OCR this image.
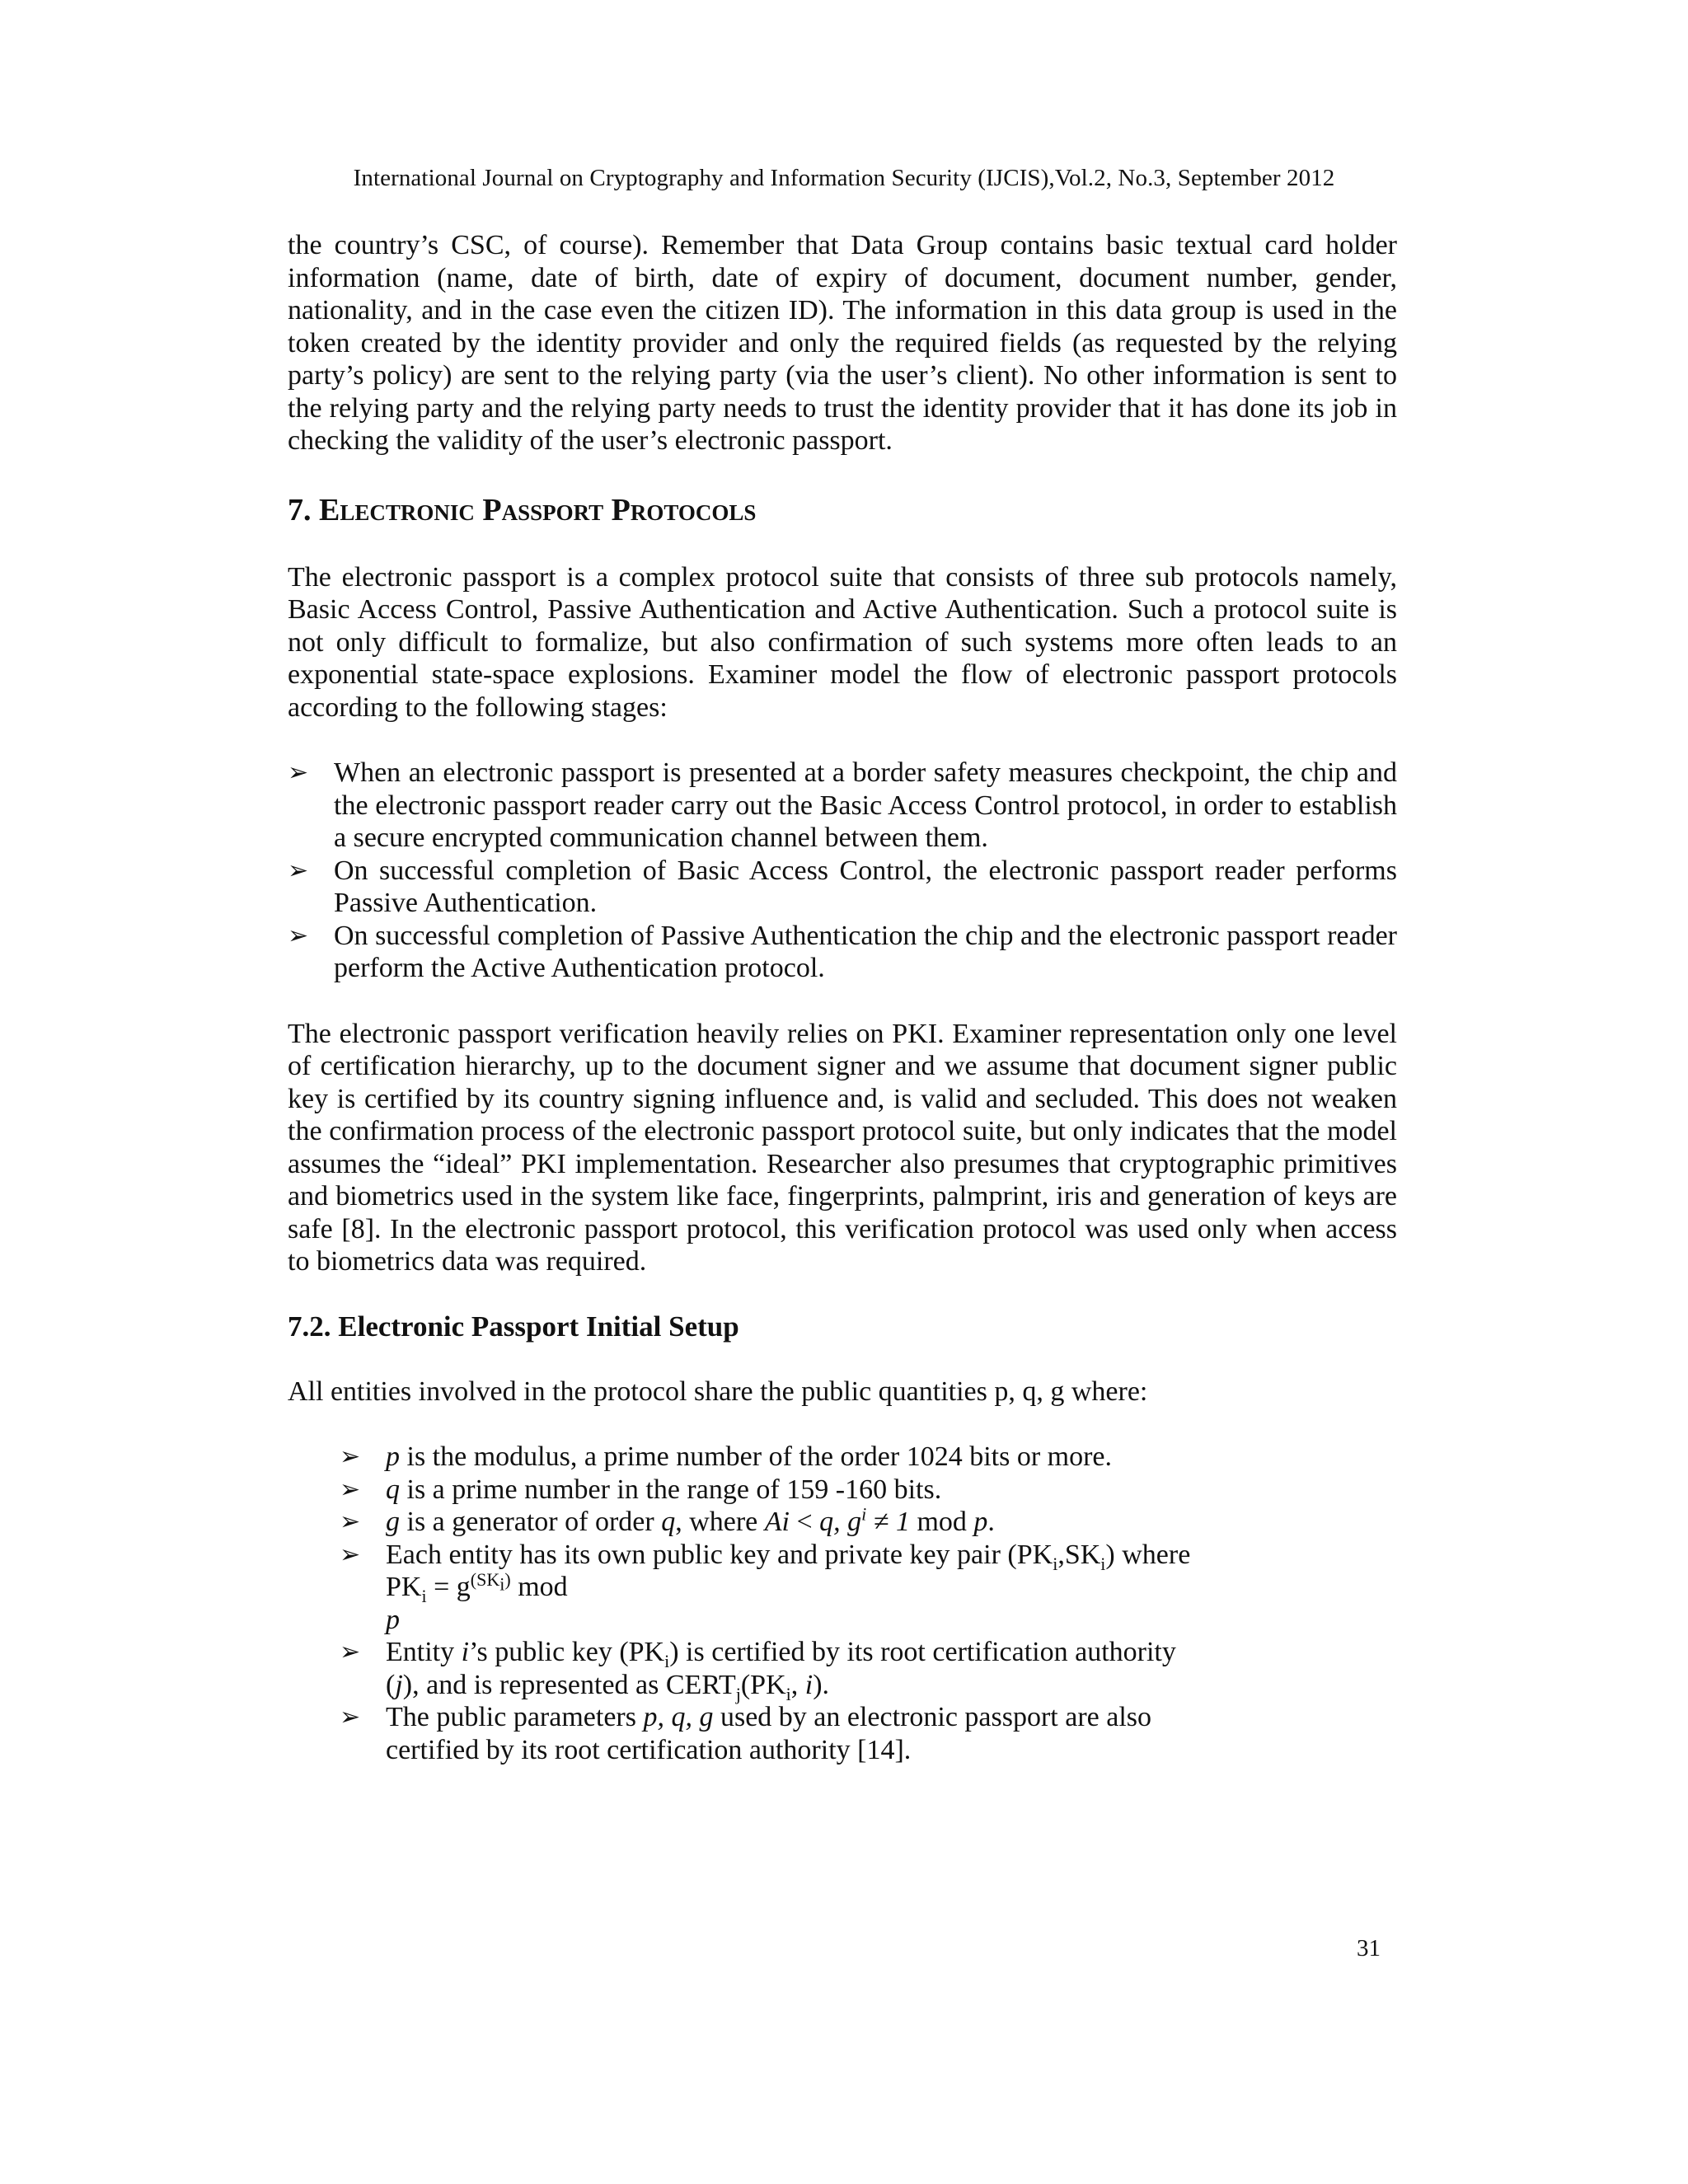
International Journal on Cryptography and Information Security (IJCIS),Vol.2, No.3, September 2012

the country’s CSC, of course). Remember that Data Group contains basic textual card holder information (name, date of birth, date of expiry of document, document number, gender, nationality, and in the case even the citizen ID). The information in this data group is used in the token created by the identity provider and only the required fields (as requested by the relying party’s policy) are sent to the relying party (via the user’s client). No other information is sent to the relying party and the relying party needs to trust the identity provider that it has done its job in checking the validity of the user’s electronic passport.

7. Electronic Passport Protocols

The electronic passport is a complex protocol suite that consists of three sub protocols namely, Basic Access Control, Passive Authentication and Active Authentication. Such a protocol suite is not only difficult to formalize, but also confirmation of such systems more often leads to an exponential state-space explosions. Examiner model the flow of electronic passport protocols according to the following stages:

➢ When an electronic passport is presented at a border safety measures checkpoint, the chip and the electronic passport reader carry out the Basic Access Control protocol, in order to establish a secure encrypted communication channel between them.
➢ On successful completion of Basic Access Control, the electronic passport reader performs Passive Authentication.
➢ On successful completion of Passive Authentication the chip and the electronic passport reader perform the Active Authentication protocol.

The electronic passport verification heavily relies on PKI. Examiner representation only one level of certification hierarchy, up to the document signer and we assume that document signer public key is certified by its country signing influence and, is valid and secluded. This does not weaken the confirmation process of the electronic passport protocol suite, but only indicates that the model assumes the “ideal” PKI implementation. Researcher also presumes that cryptographic primitives and biometrics used in the system like face, fingerprints, palmprint, iris and generation of keys are safe [8]. In the electronic passport protocol, this verification protocol was used only when access to biometrics data was required.

7.2. Electronic Passport Initial Setup

All entities involved in the protocol share the public quantities p, q, g where:

➢ p is the modulus, a prime number of the order 1024 bits or more.
➢ q is a prime number in the range of 159 -160 bits.
➢ g is a generator of order q, where Ai < q, $g^i \ne 1$ mod p.
➢ Each entity has its own public key and private key pair $(PK_i,SK_i)$ where $PK_i = g^{(SK_i)}$ mod
p
➢ Entity i’s public key $(PK_i)$ is certified by its root certification authority (j), and is represented as $CERT_j(PK_i$, i).
➢ The public parameters p, q, g used by an electronic passport are also certified by its root certification authority [14].
31
